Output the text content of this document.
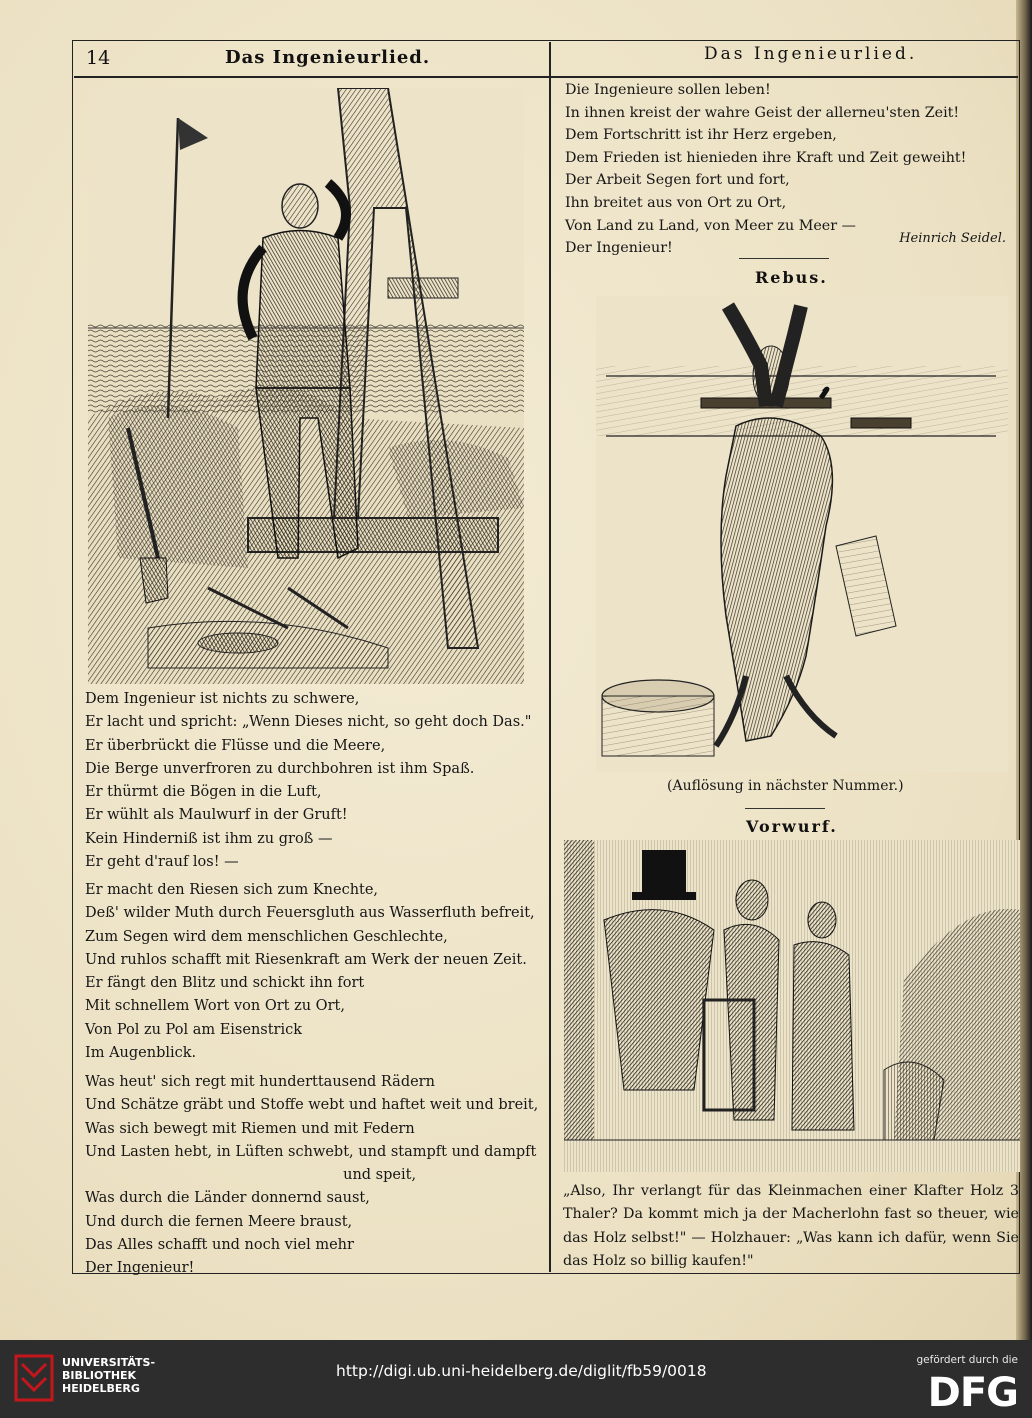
14	Das Ingenieurlied.	Das Ingenieurlied.
Dem Ingenieur ist nichts zu schwere,
Er lacht und spricht: „Wenn Dieses nicht, so geht doch Das."
Er überbrückt die Flüsse und die Meere,
Die Berge unverfroren zu durchbohren ist ihm Spaß.
Er thürmt die Bögen in die Luft,
Er wühlt als Maulwurf in der Gruft!
Kein Hinderniß ist ihm zu groß —
Er geht d'rauf los! —
Er macht den Riesen sich zum Knechte,
Deß' wilder Muth durch Feuersgluth aus Wasserfluth befreit,
Zum Segen wird dem menschlichen Geschlechte,
Und ruhlos schafft mit Riesenkraft am Werk der neuen Zeit.
Er fängt den Blitz und schickt ihn fort
Mit schnellem Wort von Ort zu Ort,
Von Pol zu Pol am Eisenstrick
Im Augenblick.
Was heut' sich regt mit hunderttausend Rädern
Und Schätze gräbt und Stoffe webt und haftet weit und breit,
Was sich bewegt mit Riemen und mit Federn
Und Lasten hebt, in Lüften schwebt, und stampft und dampft
und speit,
Was durch die Länder donnernd saust,
Und durch die fernen Meere braust,
Das Alles schafft und noch viel mehr
Der Ingenieur!
Die Ingenieure sollen leben!
In ihnen kreist der wahre Geist der allerneu'sten Zeit!
Dem Fortschritt ist ihr Herz ergeben,
Dem Frieden ist hienieden ihre Kraft und Zeit geweiht!
Der Arbeit Segen fort und fort,
Ihn breitet aus von Ort zu Ort,
Von Land zu Land, von Meer zu Meer —
Der Ingenieur!
Heinrich Seidel.
Rebus.
(Auflösung in nächster Nummer.)
Vorwurf.
„Also, Ihr verlangt für das Kleinmachen einer Klafter Holz 3 Thaler? Da kommt mich ja der Macherlohn fast so theuer, wie das Holz selbst!" — Holzhauer: „Was kann ich dafür, wenn Sie das Holz so billig kaufen!"
UNIVERSITÄTS-
BIBLIOTHEK
HEIDELBERG
http://digi.ub.uni-heidelberg.de/diglit/fb59/0018
gefördert durch die
DFG
